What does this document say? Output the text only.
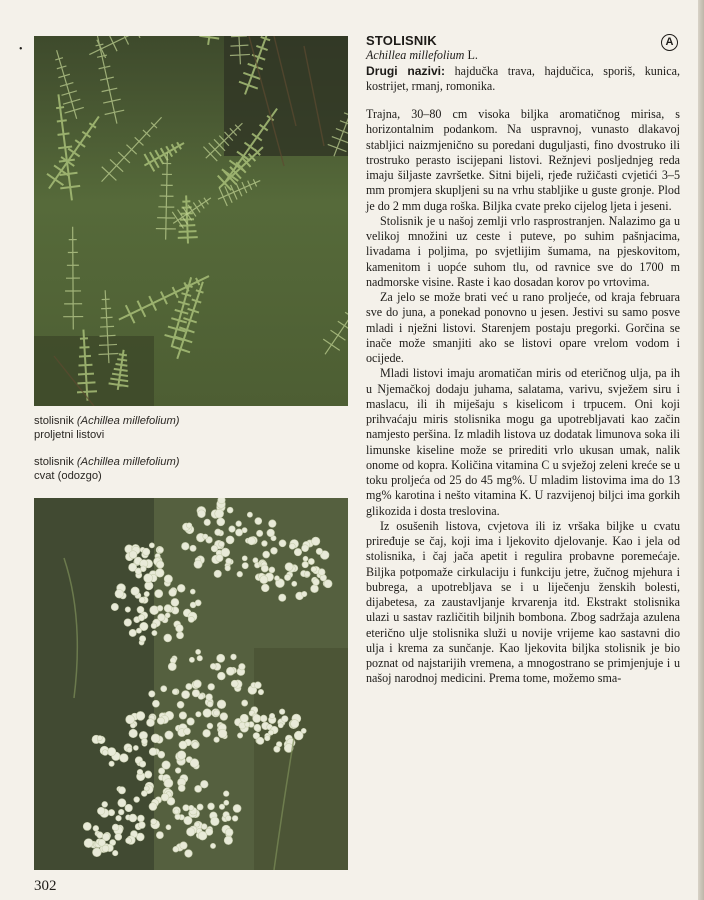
•
stolisnik (Achillea millefolium)
proljetni listovi
stolisnik (Achillea millefolium)
cvat (odozgo)
STOLISNIK	A
Achillea millefolium L.
Drugi nazivi: hajdučka trava, hajdučica, sporiš, kunica, kostrijet, rmanj, romonika.

Trajna, 30–80 cm visoka biljka aromatičnog mirisa, s horizontalnim podankom. Na uspravnoj, vunasto dlakavoj stabljici naizmjenično su poredani duguljasti, fino dvostruko ili trostruko perasto iscijepani listovi. Režnjevi posljednjeg reda imaju šiljaste završetke. Sitni bijeli, rjeđe ružičasti cvjetići 3–5 mm promjera skupljeni su na vrhu stabljike u guste gronje. Plod je do 2 mm duga roška. Biljka cvate preko cijelog ljeta i jeseni.

Stolisnik je u našoj zemlji vrlo rasprostranjen. Nalazimo ga u velikoj množini uz ceste i puteve, po suhim pašnjacima, livadama i poljima, po svjetlijim šumama, na pjeskovitom, kamenitom i uopće suhom tlu, od ravnice sve do 1700 m nadmorske visine. Raste i kao dosadan korov po vrtovima.

Za jelo se može brati već u rano proljeće, od kraja februara sve do juna, a ponekad ponovno u jesen. Jestivi su samo posve mladi i nježni listovi. Starenjem postaju pregorki. Gorčina se inače može smanjiti ako se listovi opare vrelom vodom i ocijede.

Mladi listovi imaju aromatičan miris od eteričnog ulja, pa ih u Njemačkoj dodaju juhama, salatama, varivu, svježem siru i maslacu, ili ih miješaju s kiselicom i trpucem. Oni koji prihvaćaju miris stolisnika mogu ga upotrebljavati kao začin namjesto peršina. Iz mladih listova uz dodatak limunova soka ili limunske kiseline može se prirediti vrlo ukusan umak, nalik onome od kopra. Količina vitamina C u svježoj zeleni kreće se u toku proljeća od 25 do 45 mg%. U mladim listovima ima do 13 mg% karotina i nešto vitamina K. U razvijenoj biljci ima gorkih glikozida i dosta treslovina.

Iz osušenih listova, cvjetova ili iz vršaka biljke u cvatu priređuje se čaj, koji ima i ljekovito djelovanje. Kao i jela od stolisnika, i čaj jača apetit i regulira probavne poremećaje. Biljka potpomaže cirkulaciju i funkciju jetre, žučnog mjehura i bubrega, a upotrebljava se i u liječenju ženskih bolesti, dijabetesa, za zaustavljanje krvarenja itd. Ekstrakt stolisnika ulazi u sastav različitih biljnih bombona. Zbog sadržaja azulena eterično ulje stolisnika služi u novije vrijeme kao sastavni dio ulja i krema za sunčanje. Kao ljekovita biljka stolisnik je bio poznat od najstarijih vremena, a mnogostrano se primjenjuje i u našoj narodnoj medicini. Prema tome, možemo sma-

302
